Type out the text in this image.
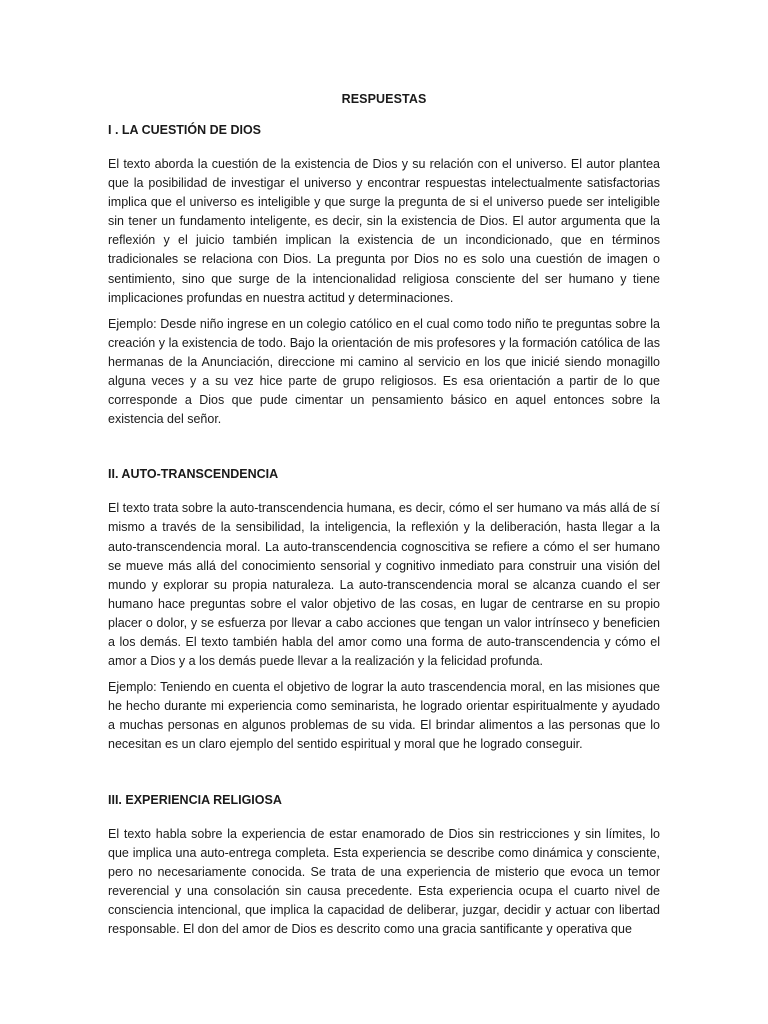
RESPUESTAS
I . LA CUESTIÓN DE DIOS

El texto aborda la cuestión de la existencia de Dios y su relación con el universo. El autor plantea que la posibilidad de investigar el universo y encontrar respuestas intelectualmente satisfactorias implica que el universo es inteligible y que surge la pregunta de si el universo puede ser inteligible sin tener un fundamento inteligente, es decir, sin la existencia de Dios. El autor argumenta que la reflexión y el juicio también implican la existencia de un incondicionado, que en términos tradicionales se relaciona con Dios. La pregunta por Dios no es solo una cuestión de imagen o sentimiento, sino que surge de la intencionalidad religiosa consciente del ser humano y tiene implicaciones profundas en nuestra actitud y determinaciones.

Ejemplo: Desde niño ingrese en un colegio católico en el cual como todo niño te preguntas sobre la creación y la existencia de todo. Bajo la orientación de mis profesores y la formación católica de las hermanas de la Anunciación, direccione mi camino al servicio en los que inicié siendo monagillo alguna veces y a su vez hice parte de grupo religiosos. Es esa orientación a partir de lo que corresponde a Dios que pude cimentar un pensamiento básico en aquel entonces sobre la existencia del señor.

II. AUTO-TRANSCENDENCIA

El texto trata sobre la auto-transcendencia humana, es decir, cómo el ser humano va más allá de sí mismo a través de la sensibilidad, la inteligencia, la reflexión y la deliberación, hasta llegar a la auto-transcendencia moral. La auto-transcendencia cognoscitiva se refiere a cómo el ser humano se mueve más allá del conocimiento sensorial y cognitivo inmediato para construir una visión del mundo y explorar su propia naturaleza. La auto-transcendencia moral se alcanza cuando el ser humano hace preguntas sobre el valor objetivo de las cosas, en lugar de centrarse en su propio placer o dolor, y se esfuerza por llevar a cabo acciones que tengan un valor intrínseco y beneficien a los demás. El texto también habla del amor como una forma de auto-transcendencia y cómo el amor a Dios y a los demás puede llevar a la realización y la felicidad profunda.

Ejemplo: Teniendo en cuenta el objetivo de lograr la auto trascendencia moral, en las misiones que he hecho durante mi experiencia como seminarista, he logrado orientar espiritualmente y ayudado a muchas personas en algunos problemas de su vida. El brindar alimentos a las personas que lo necesitan es un claro ejemplo del sentido espiritual y moral que he logrado conseguir.

III. EXPERIENCIA RELIGIOSA

El texto habla sobre la experiencia de estar enamorado de Dios sin restricciones y sin límites, lo que implica una auto-entrega completa. Esta experiencia se describe como dinámica y consciente, pero no necesariamente conocida. Se trata de una experiencia de misterio que evoca un temor reverencial y una consolación sin causa precedente. Esta experiencia ocupa el cuarto nivel de consciencia intencional, que implica la capacidad de deliberar, juzgar, decidir y actuar con libertad responsable. El don del amor de Dios es descrito como una gracia santificante y operativa que
